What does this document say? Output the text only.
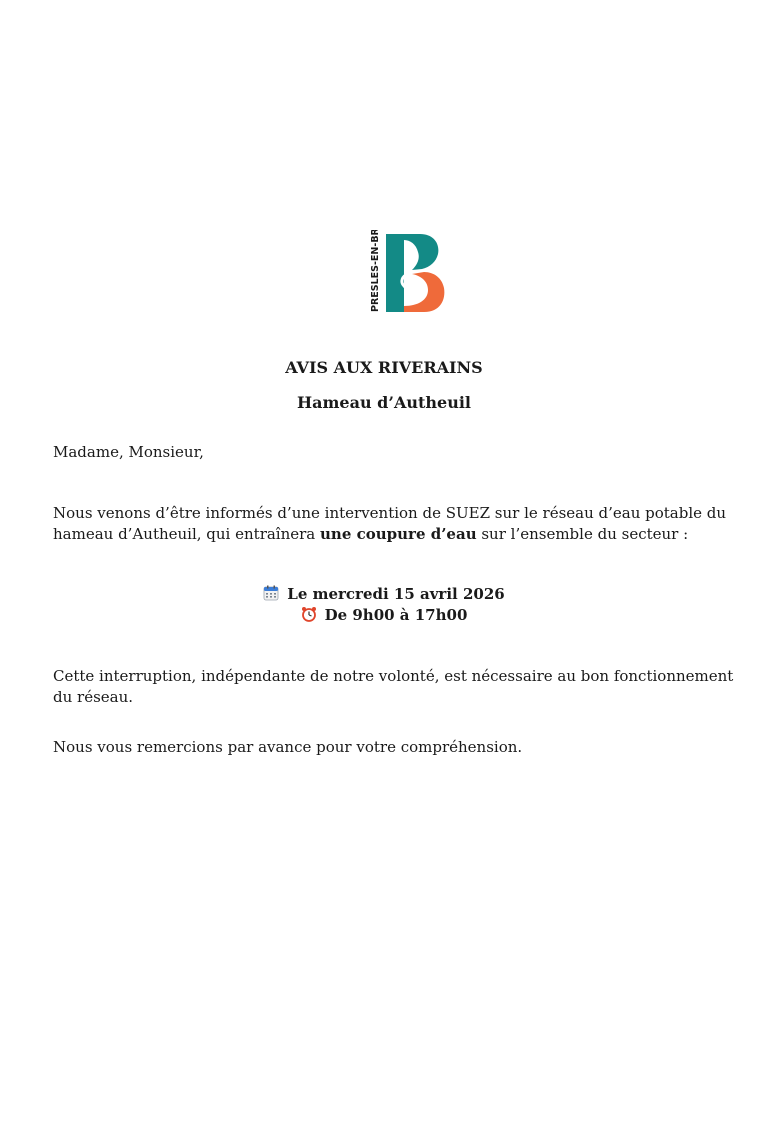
PRESLES-EN-BRIE
AVIS AUX RIVERAINS
Hameau d’Autheuil
Madame, Monsieur,
Nous venons d’être informés d’une intervention de SUEZ sur le réseau d’eau potable du hameau d’Autheuil, qui entraînera une coupure d’eau sur l’ensemble du secteur :
Le mercredi 15 avril 2026
De 9h00 à 17h00
Cette interruption, indépendante de notre volonté, est nécessaire au bon fonctionnement du réseau.
Nous vous remercions par avance pour votre compréhension.
